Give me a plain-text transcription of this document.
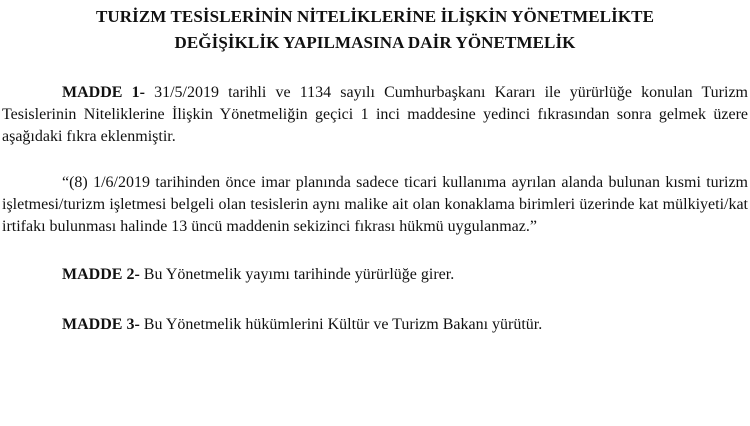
TURİZM TESİSLERİNİN NİTELİKLERİNE İLİŞKİN YÖNETMELİKTE
DEĞİŞİKLİK YAPILMASINA DAİR YÖNETMELİK

MADDE 1- 31/5/2019 tarihli ve 1134 sayılı Cumhurbaşkanı Kararı ile yürürlüğe konulan Turizm Tesislerinin Niteliklerine İlişkin Yönetmeliğin geçici 1 inci maddesine yedinci fıkrasından sonra gelmek üzere aşağıdaki fıkra eklenmiştir.

“(8) 1/6/2019 tarihinden önce imar planında sadece ticari kullanıma ayrılan alanda bulunan kısmi turizm işletmesi/turizm işletmesi belgeli olan tesislerin aynı malike ait olan konaklama birimleri üzerinde kat mülkiyeti/kat irtifakı bulunması halinde 13 üncü maddenin sekizinci fıkrası hükmü uygulanmaz.”

MADDE 2- Bu Yönetmelik yayımı tarihinde yürürlüğe girer.

MADDE 3- Bu Yönetmelik hükümlerini Kültür ve Turizm Bakanı yürütür.
